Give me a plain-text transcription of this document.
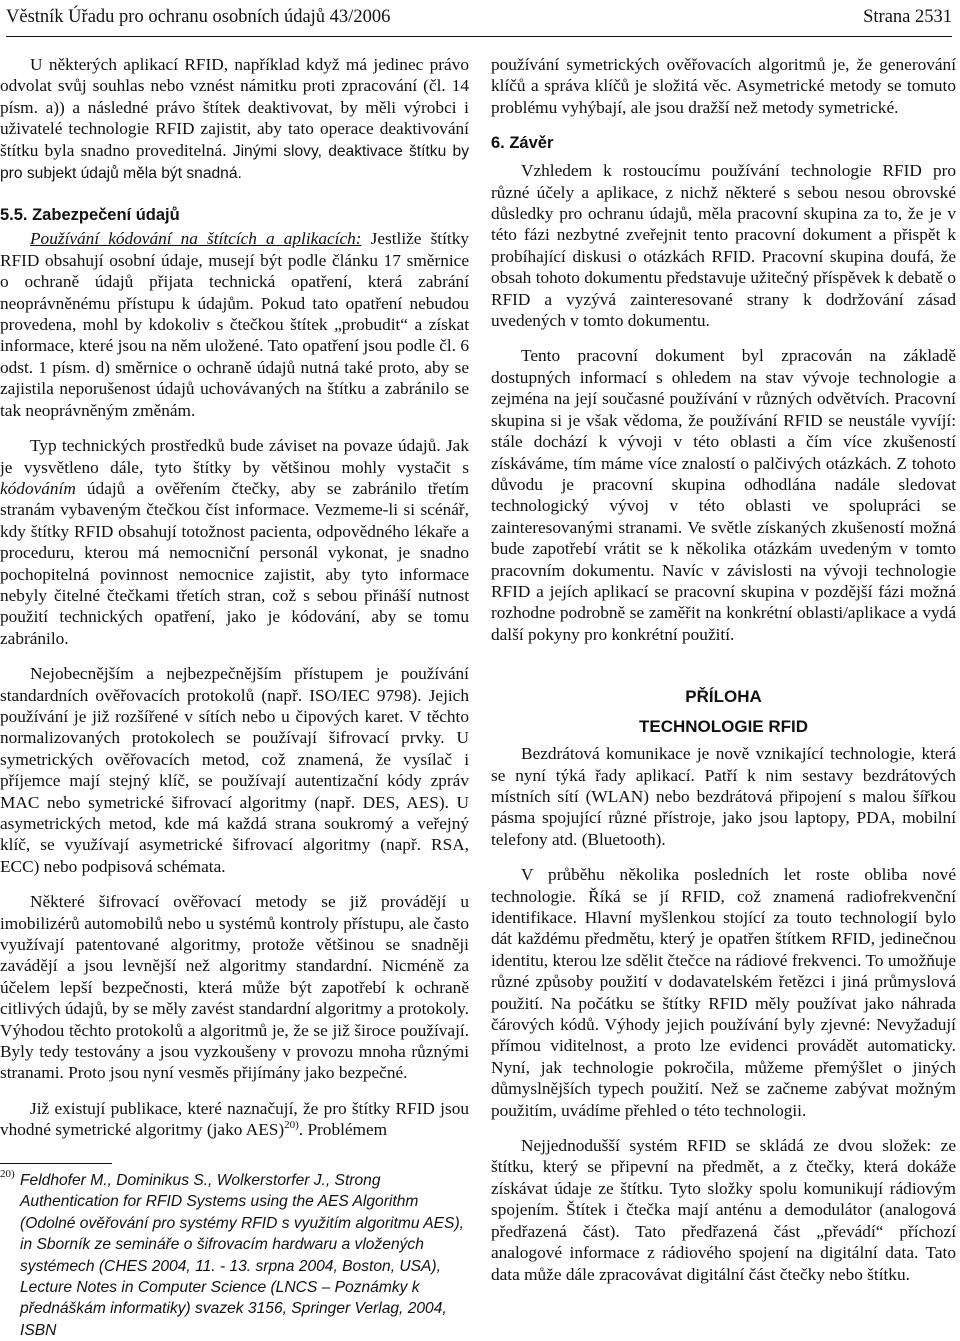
Věstník Úřadu pro ochranu osobních údajů 43/2006	Strana 2531

U některých aplikací RFID, například když má jedinec právo odvolat svůj souhlas nebo vznést námitku proti zpracování (čl. 14 písm. a)) a následné právo štítek deaktivovat, by měli výrobci i uživatelé technologie RFID zajistit, aby tato operace deaktivování štítku byla snadno proveditelná. Jinými slovy, deaktivace štítku by pro subjekt údajů měla být snadná.

5.5. Zabezpečení údajů

Používání kódování na štítcích a aplikacích: Jestliže štítky RFID obsahují osobní údaje, musejí být podle článku 17 směrnice o ochraně údajů přijata technická opatření, která zabrání neoprávněnému přístupu k údajům. Pokud tato opatření nebudou provedena, mohl by kdokoliv s čtečkou štítek „probudit“ a získat informace, které jsou na něm uložené. Tato opatření jsou podle čl. 6 odst. 1 písm. d) směrnice o ochraně údajů nutná také proto, aby se zajistila neporušenost údajů uchovávaných na štítku a zabránilo se tak neoprávněným změnám.

Typ technických prostředků bude záviset na povaze údajů. Jak je vysvětleno dále, tyto štítky by většinou mohly vystačit s kódováním údajů a ověřením čtečky, aby se zabránilo třetím stranám vybaveným čtečkou číst informace. Vezmeme-li si scénář, kdy štítky RFID obsahují totožnost pacienta, odpovědného lékaře a proceduru, kterou má nemocniční personál vykonat, je snadno pochopitelná povinnost nemocnice zajistit, aby tyto informace nebyly čitelné čtečkami třetích stran, což s sebou přináší nutnost použití technických opatření, jako je kódování, aby se tomu zabránilo.

Nejobecnějším a nejbezpečnějším přístupem je používání standardních ověřovacích protokolů (např. ISO/IEC 9798). Jejich používání je již rozšířené v sítích nebo u čipových karet. V těchto normalizovaných protokolech se používají šifrovací prvky. U symetrických ověřovacích metod, což znamená, že vysílač i příjemce mají stejný klíč, se používají autentizační kódy zpráv MAC nebo symetrické šifrovací algoritmy (např. DES, AES). U asymetrických metod, kde má každá strana soukromý a veřejný klíč, se využívají asymetrické šifrovací algoritmy (např. RSA, ECC) nebo podpisová schémata.

Některé šifrovací ověřovací metody se již provádějí u imobilizérů automobilů nebo u systémů kontroly přístupu, ale často využívají patentované algoritmy, protože většinou se snadněji zavádějí a jsou levnější než algoritmy standardní. Nicméně za účelem lepší bezpečnosti, která může být zapotřebí k ochraně citlivých údajů, by se měly zavést standardní algoritmy a protokoly. Výhodou těchto protokolů a algoritmů je, že se již široce používají. Byly tedy testovány a jsou vyzkoušeny v provozu mnoha různými stranami. Proto jsou nyní vesměs přijímány jako bezpečné.

Již existují publikace, které naznačují, že pro štítky RFID jsou vhodné symetrické algoritmy (jako AES)$^{20)}$. Problémem

20) Feldhofer M., Dominikus S., Wolkerstorfer J., Strong Authentication for RFID Systems using the AES Algorithm (Odolné ověřování pro systémy RFID s využitím algoritmu AES), in Sborník ze semináře o šifrovacím hardwaru a vložených systémech (CHES 2004, 11. - 13. srpna 2004, Boston, USA), Lecture Notes in Computer Science (LNCS – Poznámky k přednáškám informatiky) svazek 3156, Springer Verlag, 2004, ISBN

používání symetrických ověřovacích algoritmů je, že generování klíčů a správa klíčů je složitá věc. Asymetrické metody se tomuto problému vyhýbají, ale jsou dražší než metody symetrické.

6. Závěr

Vzhledem k rostoucímu používání technologie RFID pro různé účely a aplikace, z nichž některé s sebou nesou obrovské důsledky pro ochranu údajů, měla pracovní skupina za to, že je v této fázi nezbytné zveřejnit tento pracovní dokument a přispět k probíhající diskusi o otázkách RFID. Pracovní skupina doufá, že obsah tohoto dokumentu představuje užitečný příspěvek k debatě o RFID a vyzývá zainteresované strany k dodržování zásad uvedených v tomto dokumentu.

Tento pracovní dokument byl zpracován na základě dostupných informací s ohledem na stav vývoje technologie a zejména na její současné používání v různých odvětvích. Pracovní skupina si je však vědoma, že používání RFID se neustále vyvíjí: stále dochází k vývoji v této oblasti a čím více zkušeností získáváme, tím máme více znalostí o palčivých otázkách. Z tohoto důvodu je pracovní skupina odhodlána nadále sledovat technologický vývoj v této oblasti ve spolupráci se zainteresovanými stranami. Ve světle získaných zkušeností možná bude zapotřebí vrátit se k několika otázkám uvedeným v tomto pracovním dokumentu. Navíc v závislosti na vývoji technologie RFID a jejích aplikací se pracovní skupina v pozdější fázi možná rozhodne podrobně se zaměřit na konkrétní oblasti/aplikace a vydá další pokyny pro konkrétní použití.

PŘÍLOHA
TECHNOLOGIE RFID

Bezdrátová komunikace je nově vznikající technologie, která se nyní týká řady aplikací. Patří k nim sestavy bezdrátových místních sítí (WLAN) nebo bezdrátová připojení s malou šířkou pásma spojující různé přístroje, jako jsou laptopy, PDA, mobilní telefony atd. (Bluetooth).

V průběhu několika posledních let roste obliba nové technologie. Říká se jí RFID, což znamená radiofrekvenční identifikace. Hlavní myšlenkou stojící za touto technologií bylo dát každému předmětu, který je opatřen štítkem RFID, jedinečnou identitu, kterou lze sdělit čtečce na rádiové frekvenci. To umožňuje různé způsoby použití v dodavatelském řetězci i jiná průmyslová použití. Na počátku se štítky RFID měly používat jako náhrada čárových kódů. Výhody jejich používání byly zjevné: Nevyžadují přímou viditelnost, a proto lze evidenci provádět automaticky. Nyní, jak technologie pokročila, můžeme přemýšlet o jiných důmyslnějších typech použití. Než se začneme zabývat možným použitím, uvádíme přehled o této technologii.

Nejjednodušší systém RFID se skládá ze dvou složek: ze štítku, který se připevní na předmět, a z čtečky, která dokáže získávat údaje ze štítku. Tyto složky spolu komunikují rádiovým spojením. Štítek i čtečka mají anténu a demodulátor (analogová předřazená část). Tato předřazená část „převádí“ příchozí analogové informace z rádiového spojení na digitální data. Tato data může dále zpracovávat digitální část čtečky nebo štítku.
